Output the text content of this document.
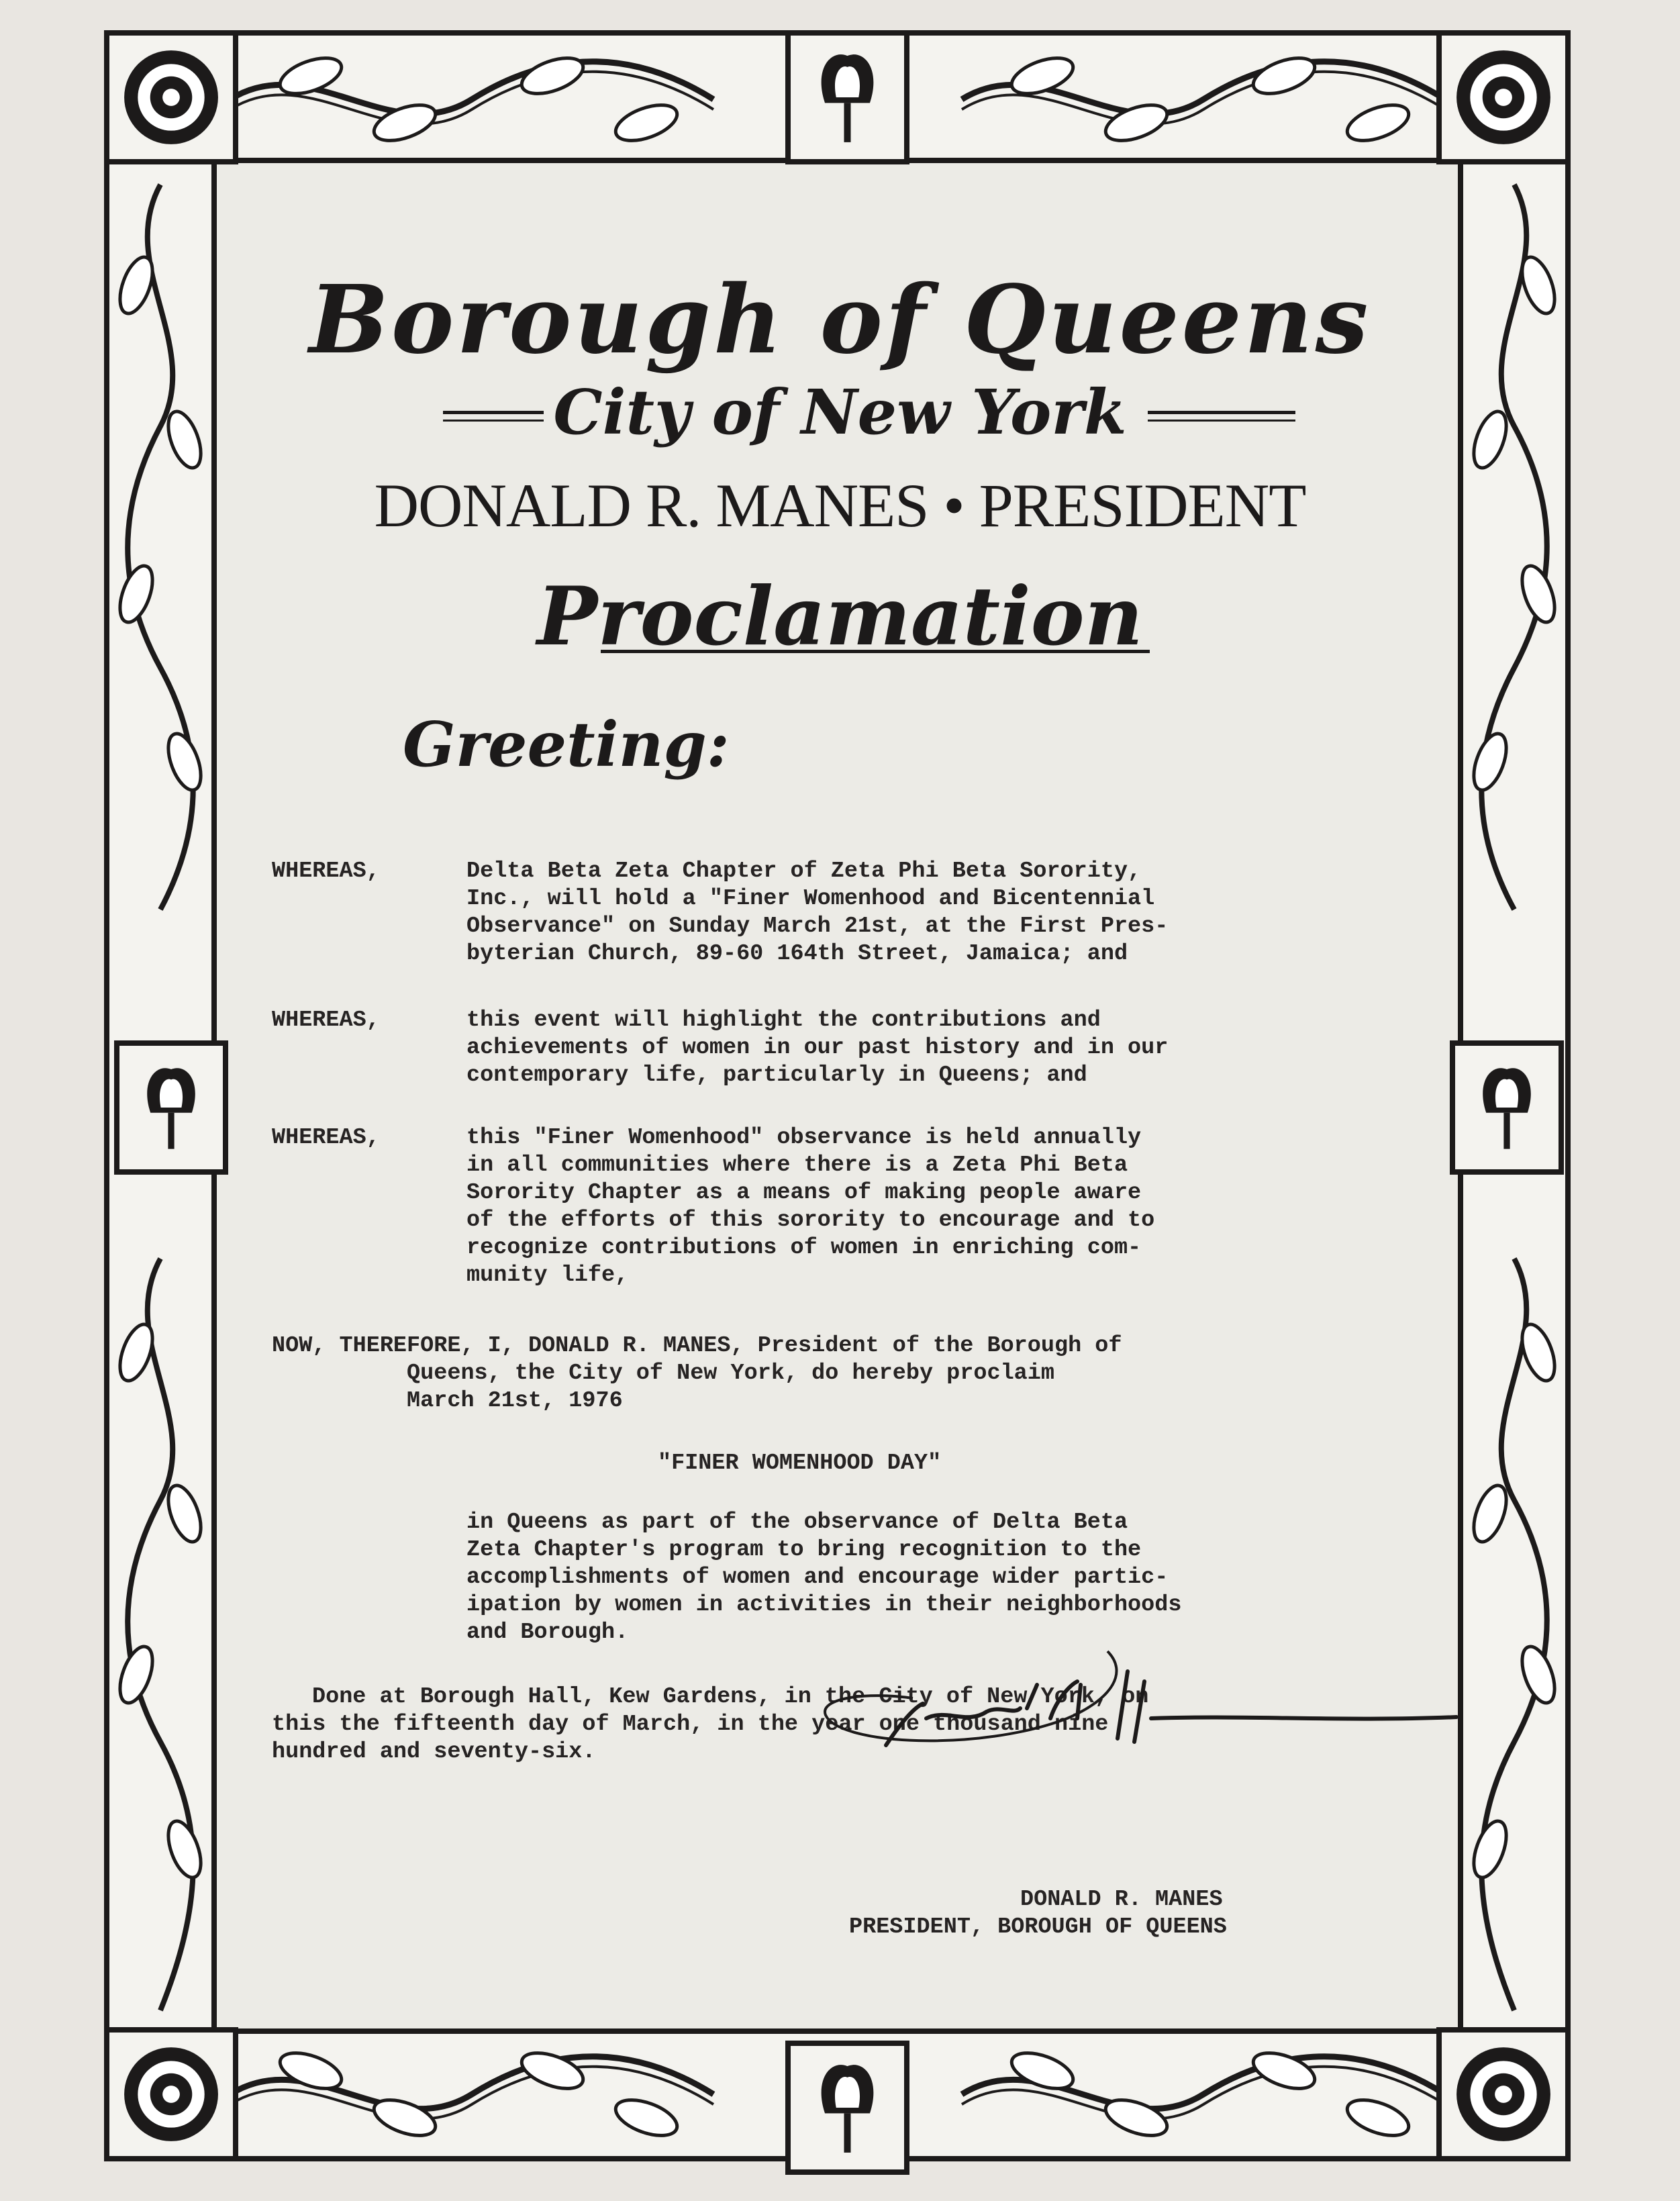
Borough of Queens
City of New York
DONALD R. MANES • PRESIDENT
Proclamation
Greeting:
WHEREAS,	Delta Beta Zeta Chapter of Zeta Phi Beta Sorority,
Inc., will hold a "Finer Womenhood and Bicentennial
Observance" on Sunday March 21st, at the First Pres-
byterian Church, 89-60 164th Street, Jamaica; and
WHEREAS,	this event will highlight the contributions and
achievements of women in our past history and in our
contemporary life, particularly in Queens; and
WHEREAS,	this "Finer Womenhood" observance is held annually
in all communities where there is a Zeta Phi Beta
Sorority Chapter as a means of making people aware
of the efforts of this sorority to encourage and to
recognize contributions of women in enriching com-
munity life,
NOW, THEREFORE, I, DONALD R. MANES, President of the Borough of
Queens, the City of New York, do hereby proclaim
March 21st, 1976
"FINER WOMENHOOD DAY"
in Queens as part of the observance of Delta Beta
Zeta Chapter's program to bring recognition to the
accomplishments of women and encourage wider partic-
ipation by women in activities in their neighborhoods
and Borough.
Done at Borough Hall, Kew Gardens, in the City of New York, on
this the fifteenth day of March, in the year one thousand nine
hundred and seventy-six.
DONALD R. MANES
PRESIDENT, BOROUGH OF QUEENS
